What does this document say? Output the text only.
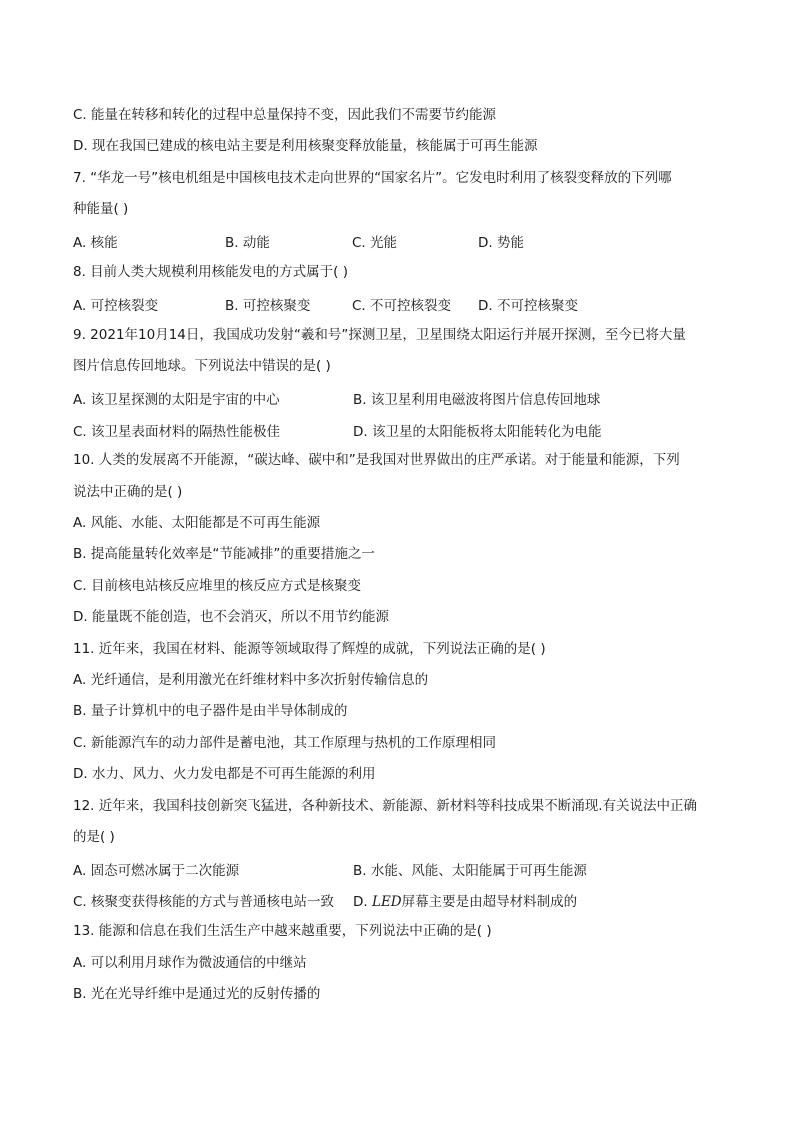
C. 能量在转移和转化的过程中总量保持不变，因此我们不需要节约能源
D. 现在我国已建成的核电站主要是利用核聚变释放能量，核能属于可再生能源
7. “华龙一号”核电机组是中国核电技术走向世界的“国家名片”。它发电时利用了核裂变释放的下列哪
种能量( )
A. 核能	B. 动能	C. 光能	D. 势能
8. 目前人类大规模利用核能发电的方式属于( )
A. 可控核裂变	B. 可控核聚变	C. 不可控核裂变	D. 不可控核聚变
9. 2021年10月14日，我国成功发射“羲和号”探测卫星，卫星围绕太阳运行并展开探测，至今已将大量
图片信息传回地球。下列说法中错误的是( )
A. 该卫星探测的太阳是宇宙的中心	B. 该卫星利用电磁波将图片信息传回地球
C. 该卫星表面材料的隔热性能极佳	D. 该卫星的太阳能板将太阳能转化为电能
10. 人类的发展离不开能源，“碳达峰、碳中和”是我国对世界做出的庄严承诺。对于能量和能源，下列
说法中正确的是( )
A. 风能、水能、太阳能都是不可再生能源
B. 提高能量转化效率是“节能减排”的重要措施之一
C. 目前核电站核反应堆里的核反应方式是核聚变
D. 能量既不能创造，也不会消灭，所以不用节约能源
11. 近年来，我国在材料、能源等领域取得了辉煌的成就，下列说法正确的是( )
A. 光纤通信，是利用激光在纤维材料中多次折射传输信息的
B. 量子计算机中的电子器件是由半导体制成的
C. 新能源汽车的动力部件是蓄电池，其工作原理与热机的工作原理相同
D. 水力、风力、火力发电都是不可再生能源的利用
12. 近年来，我国科技创新突飞猛进，各种新技术、新能源、新材料等科技成果不断涌现.有关说法中正确
的是( )
A. 固态可燃冰属于二次能源	B. 水能、风能、太阳能属于可再生能源
C. 核聚变获得核能的方式与普通核电站一致	D. LED屏幕主要是由超导材料制成的
13. 能源和信息在我们生活生产中越来越重要，下列说法中正确的是( )
A. 可以利用月球作为微波通信的中继站
B. 光在光导纤维中是通过光的反射传播的
